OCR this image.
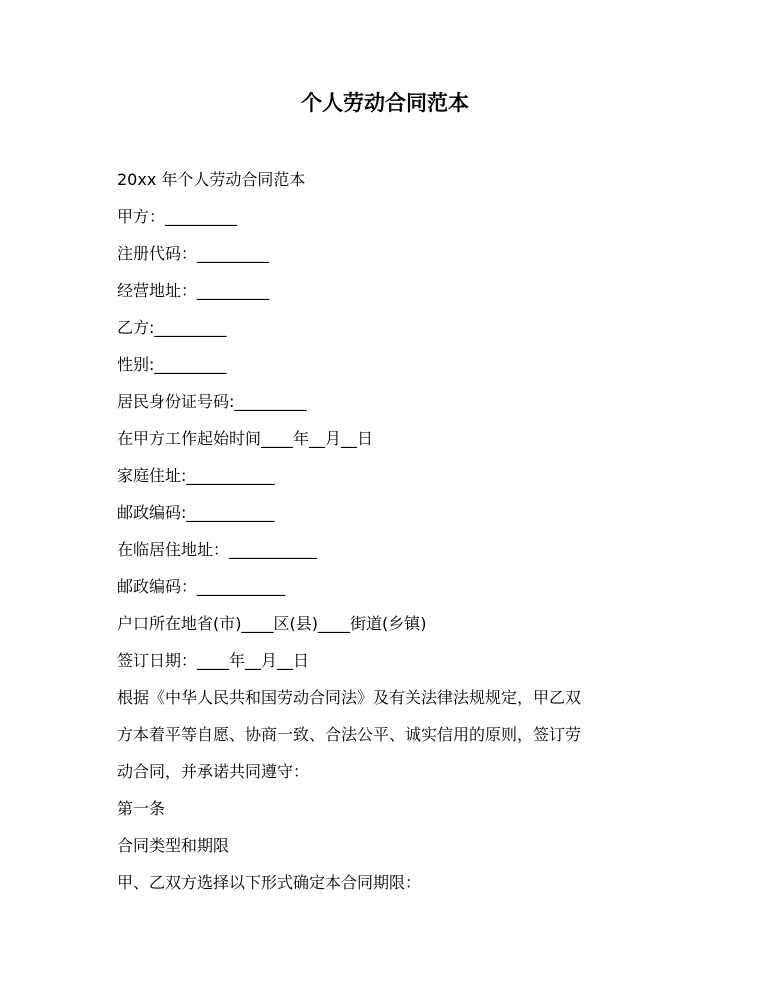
个人劳动合同范本
20xx 年个人劳动合同范本
甲方：_________
注册代码：_________
经营地址：_________
乙方:_________
性别:_________
居民身份证号码:_________
在甲方工作起始时间____年__月__日
家庭住址:___________
邮政编码:___________
在临居住地址：___________
邮政编码：___________
户口所在地省(市)____区(县)____街道(乡镇)
签订日期：____年__月__日
根据《中华人民共和国劳动合同法》及有关法律法规规定，甲乙双
方本着平等自愿、协商一致、合法公平、诚实信用的原则，签订劳
动合同，并承诺共同遵守：
第一条
合同类型和期限
甲、乙双方选择以下形式确定本合同期限：
